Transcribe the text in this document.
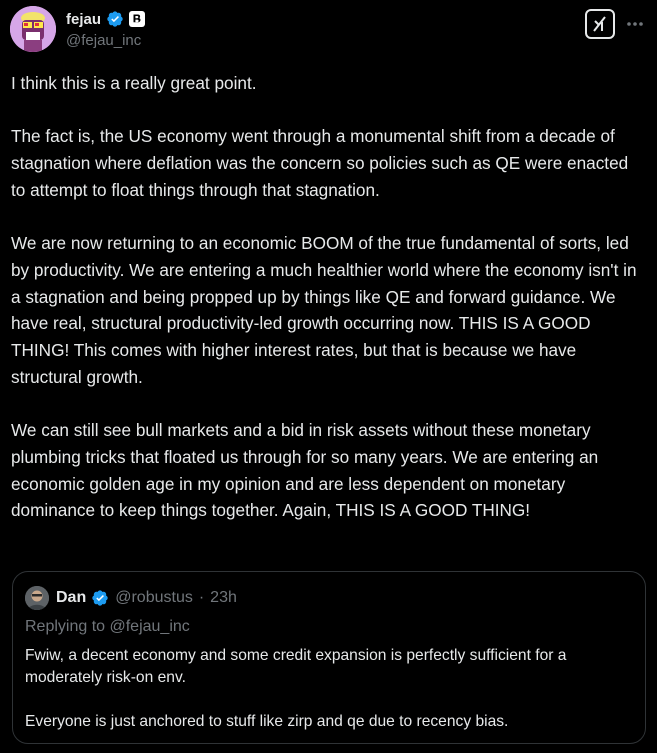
fejau
@fejau_inc

I think this is a really great point.

The fact is, the US economy went through a monumental shift from a decade of stagnation where deflation was the concern so policies such as QE were enacted to attempt to float things through that stagnation.

We are now returning to an economic BOOM of the true fundamental of sorts, led by productivity. We are entering a much healthier world where the economy isn't in a stagnation and being propped up by things like QE and forward guidance. We have real, structural productivity-led growth occurring now. THIS IS A GOOD THING! This comes with higher interest rates, but that is because we have structural growth.

We can still see bull markets and a bid in risk assets without these monetary plumbing tricks that floated us through for so many years. We are entering an economic golden age in my opinion and are less dependent on monetary dominance to keep things together. Again, THIS IS A GOOD THING!

Dan @robustus · 23h
Replying to @fejau_inc

Fwiw, a decent economy and some credit expansion is perfectly sufficient for a moderately risk-on env.

Everyone is just anchored to stuff like zirp and qe due to recency bias.
